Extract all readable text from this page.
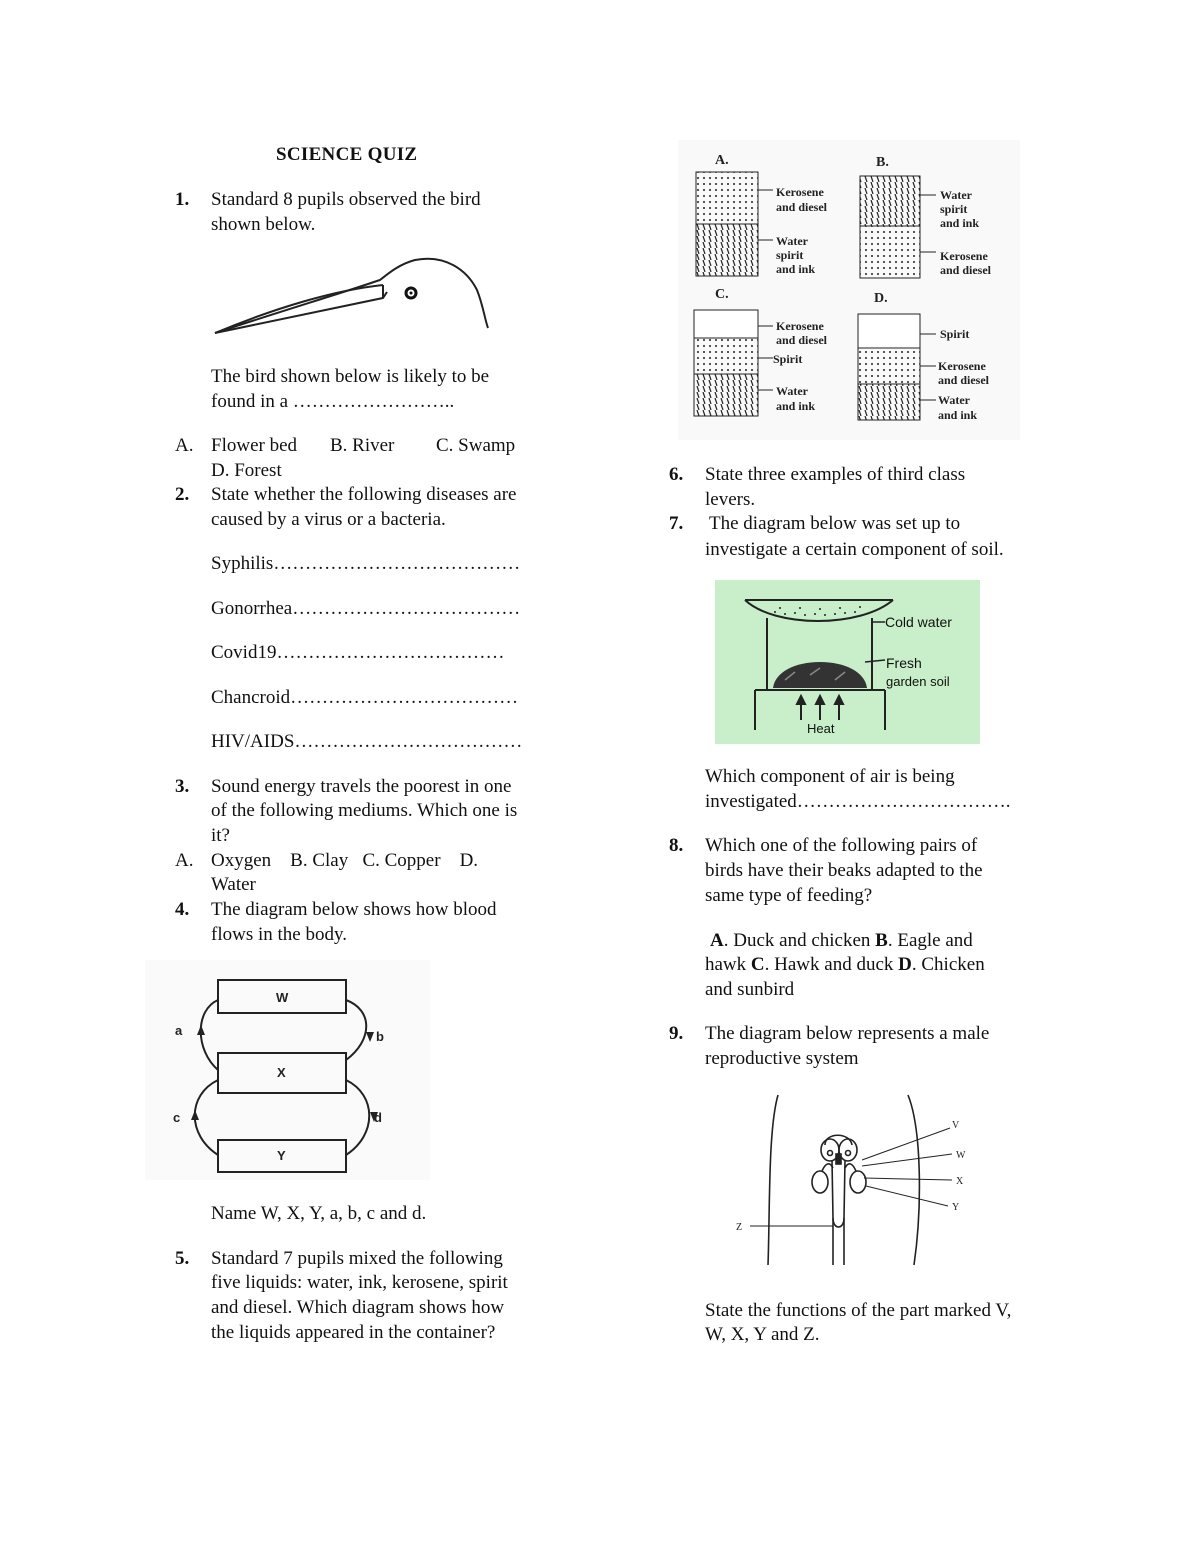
SCIENCE QUIZ
1. Standard 8 pupils observed the bird
shown below.
The bird shown below is likely to be
found in a ……………………..
A. Flower bed B. River C. Swamp
D. Forest
2. State whether the following diseases are
caused by a virus or a bacteria.
Syphilis…………………………………
Gonorrhea………………………………
Covid19………………………………
Chancroid………………………………
HIV/AIDS………………………………
3. Sound energy travels the poorest in one
of the following mediums. Which one is
it?
A. Oxygen    B. Clay   C. Copper    D.
Water
4. The diagram below shows how blood
flows in the body.
W
X
Y
a	b
c	d
Name W, X, Y, a, b, c and d.
5. Standard 7 pupils mixed the following
five liquids: water, ink, kerosene, spirit
and diesel. Which diagram shows how
the liquids appeared in the container?
A.
Kerosene
and diesel
Water
spirit
and ink
B.
Water
spirit
and ink
Kerosene
and diesel
C.
Kerosene
and diesel
Spirit
Water
and ink
D.
Spirit
Kerosene
and diesel
Water
and ink
6. State three examples of third class
levers.
7. The diagram below was set up to
investigate a certain component of soil.
Cold water
Fresh
garden soil
Heat
Which component of air is being
investigated…………………………….
8. Which one of the following pairs of
birds have their beaks adapted to the
same type of feeding?
A. Duck and chicken B. Eagle and
hawk C. Hawk and duck D. Chicken
and sunbird
9. The diagram below represents a male
reproductive system
V
W
X
Y
Z
State the functions of the part marked V,
W, X, Y and Z.
